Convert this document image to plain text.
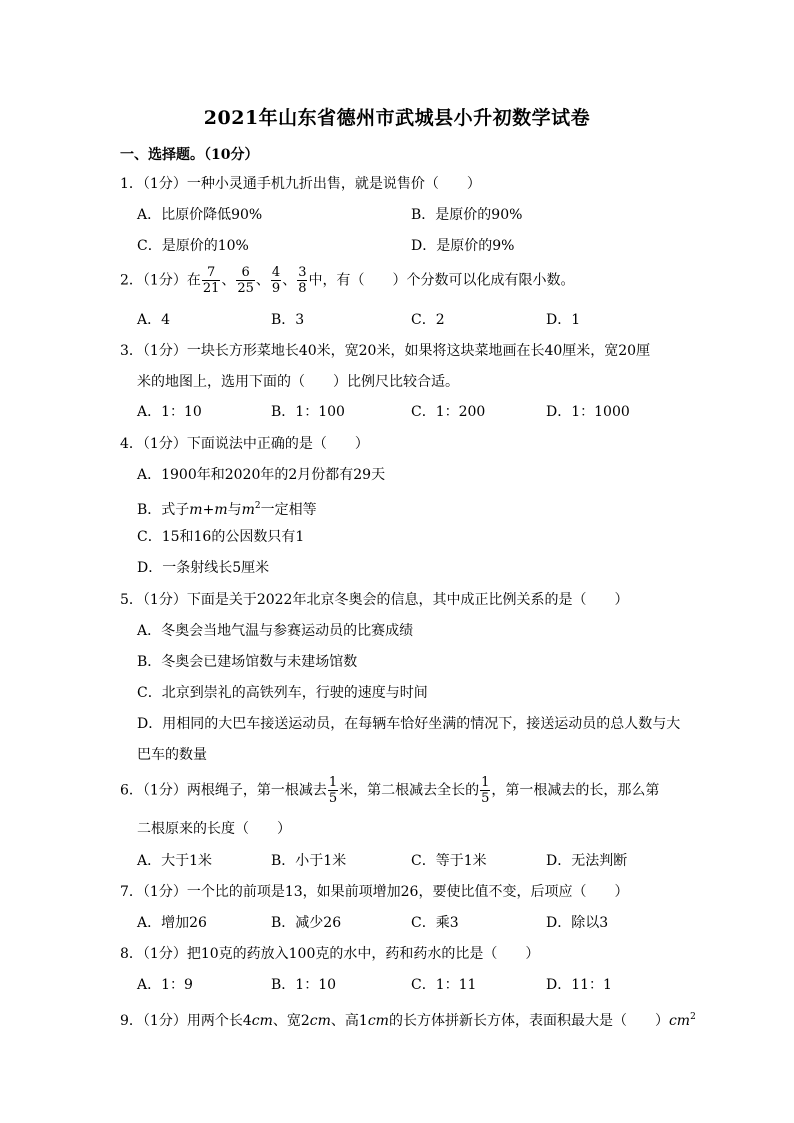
2021年山东省德州市武城县小升初数学试卷
一、选择题。（10分）
1．（1分）一种小灵通手机九折出售，就是说售价（　　）
A．比原价降低90%	B．是原价的90%
C．是原价的10%	D．是原价的9%
2．（1分）在 $\frac{7}{21}$ 、 $\frac{6}{25}$ 、 $\frac{4}{9}$ 、 $\frac{3}{8}$ 中，有（　　）个分数可以化成有限小数。
A．4	B．3	C．2	D．1
3．（1分）一块长方形菜地长40米，宽20米，如果将这块菜地画在长40厘米，宽20厘
米的地图上，选用下面的（　　）比例尺比较合适。
A．1：10	B．1：100	C．1：200	D．1：1000
4．（1分）下面说法中正确的是（　　）
A．1900年和2020年的2月份都有29天
B．式子m+m与$m^2$一定相等
C．15和16的公因数只有1
D．一条射线长5厘米
5．（1分）下面是关于2022年北京冬奥会的信息，其中成正比例关系的是（　　）
A．冬奥会当地气温与参赛运动员的比赛成绩
B．冬奥会已建场馆数与未建场馆数
C．北京到崇礼的高铁列车，行驶的速度与时间
D．用相同的大巴车接送运动员，在每辆车恰好坐满的情况下，接送运动员的总人数与大
巴车的数量
6．（1分）两根绳子，第一根减去 $\frac{1}{5}$ 米，第二根减去全长的 $\frac{1}{5}$ ，第一根减去的长，那么第
二根原来的长度（　　）
A．大于1米	B．小于1米	C．等于1米	D．无法判断
7．（1分）一个比的前项是13，如果前项增加26，要使比值不变，后项应（　　）
A．增加26	B．减少26	C．乘3	D．除以3
8．（1分）把10克的药放入100克的水中，药和药水的比是（　　）
A．1：9	B．1：10	C．1：11	D．11：1
9．（1分）用两个长4cm、宽2cm、高1cm的长方体拼新长方体，表面积最大是（　　）$cm^2$
